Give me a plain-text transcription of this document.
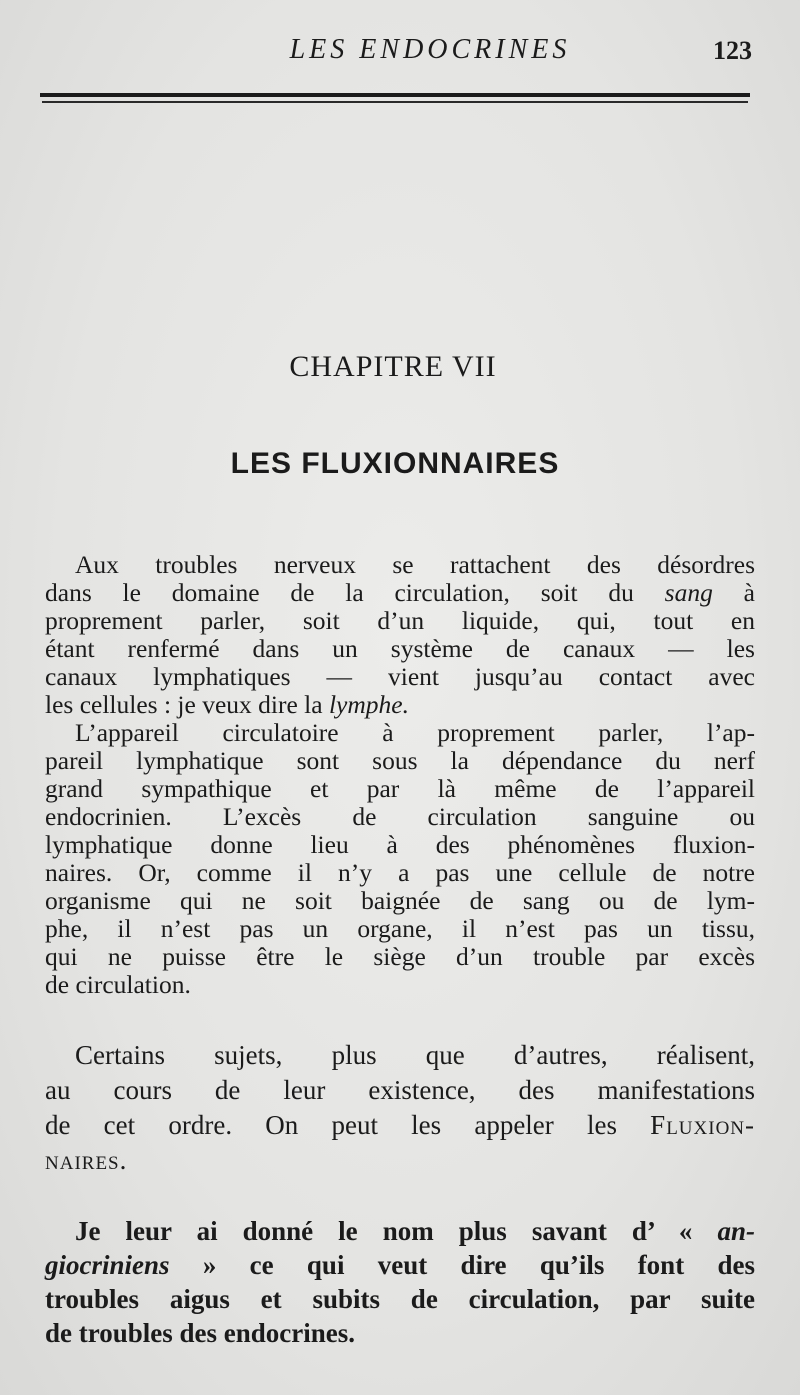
LES ENDOCRINES	123
CHAPITRE VII
LES FLUXIONNAIRES
Aux troubles nerveux se rattachent des désordres
dans le domaine de la circulation, soit du sang à
proprement parler, soit d’un liquide, qui, tout en
étant renfermé dans un système de canaux — les
canaux lymphatiques — vient jusqu’au contact avec
les cellules : je veux dire la lymphe.
L’appareil circulatoire à proprement parler, l’ap-
pareil lymphatique sont sous la dépendance du nerf
grand sympathique et par là même de l’appareil
endocrinien. L’excès de circulation sanguine ou
lymphatique donne lieu à des phénomènes fluxion-
naires. Or, comme il n’y a pas une cellule de notre
organisme qui ne soit baignée de sang ou de lym-
phe, il n’est pas un organe, il n’est pas un tissu,
qui ne puisse être le siège d’un trouble par excès
de circulation.
Certains sujets, plus que d’autres, réalisent,
au cours de leur existence, des manifestations
de cet ordre. On peut les appeler les Fluxion-
naires.
Je leur ai donné le nom plus savant d’ « an-
giocriniens » ce qui veut dire qu’ils font des
troubles aigus et subits de circulation, par suite
de troubles des endocrines.
